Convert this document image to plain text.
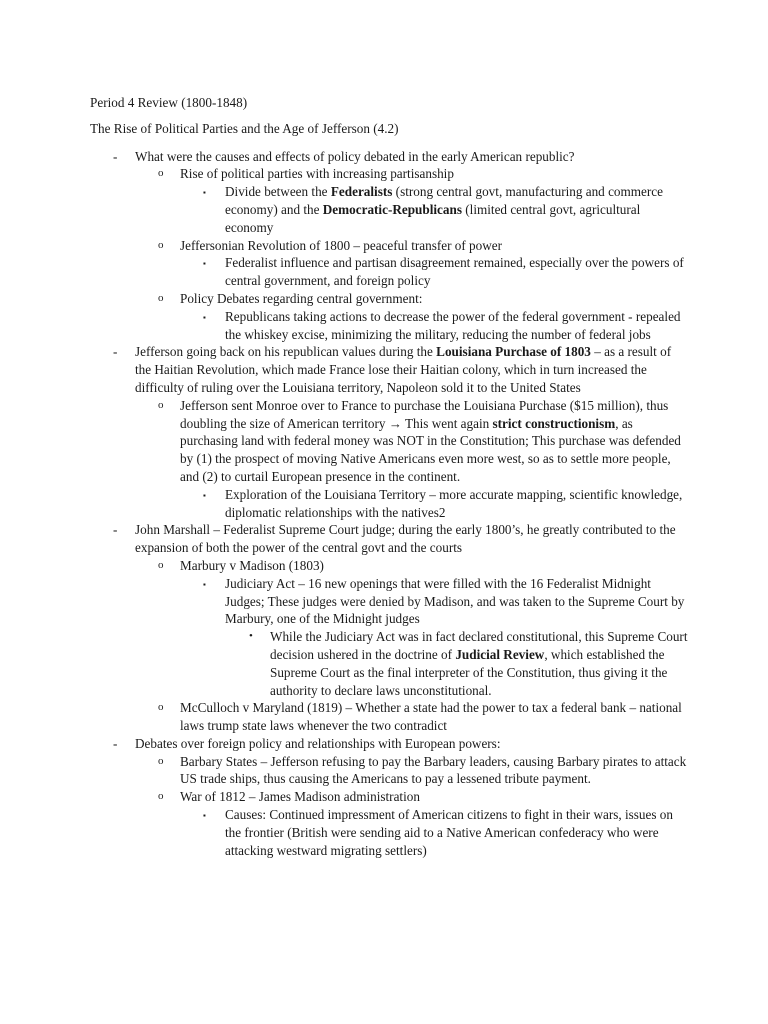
Period 4 Review (1800-1848)
The Rise of Political Parties and the Age of Jefferson (4.2)
- What were the causes and effects of policy debated in the early American republic?
o Rise of political parties with increasing partisanship
▪ Divide between the Federalists (strong central govt, manufacturing and commerce economy) and the Democratic-Republicans (limited central govt, agricultural economy
o Jeffersonian Revolution of 1800 – peaceful transfer of power
▪ Federalist influence and partisan disagreement remained, especially over the powers of central government, and foreign policy
o Policy Debates regarding central government:
▪ Republicans taking actions to decrease the power of the federal government - repealed the whiskey excise, minimizing the military, reducing the number of federal jobs
- Jefferson going back on his republican values during the Louisiana Purchase of 1803 – as a result of the Haitian Revolution, which made France lose their Haitian colony, which in turn increased the difficulty of ruling over the Louisiana territory, Napoleon sold it to the United States
o Jefferson sent Monroe over to France to purchase the Louisiana Purchase ($15 million), thus doubling the size of American territory → This went again strict constructionism, as purchasing land with federal money was NOT in the Constitution; This purchase was defended by (1) the prospect of moving Native Americans even more west, so as to settle more people, and (2) to curtail European presence in the continent.
▪ Exploration of the Louisiana Territory – more accurate mapping, scientific knowledge, diplomatic relationships with the natives2
- John Marshall – Federalist Supreme Court judge; during the early 1800’s, he greatly contributed to the expansion of both the power of the central govt and the courts
o Marbury v Madison (1803)
▪ Judiciary Act – 16 new openings that were filled with the 16 Federalist Midnight Judges; These judges were denied by Madison, and was taken to the Supreme Court by Marbury, one of the Midnight judges
• While the Judiciary Act was in fact declared constitutional, this Supreme Court decision ushered in the doctrine of Judicial Review, which established the Supreme Court as the final interpreter of the Constitution, thus giving it the authority to declare laws unconstitutional.
o McCulloch v Maryland (1819) – Whether a state had the power to tax a federal bank – national laws trump state laws whenever the two contradict
- Debates over foreign policy and relationships with European powers:
o Barbary States – Jefferson refusing to pay the Barbary leaders, causing Barbary pirates to attack US trade ships, thus causing the Americans to pay a lessened tribute payment.
o War of 1812 – James Madison administration
▪ Causes: Continued impressment of American citizens to fight in their wars, issues on the frontier (British were sending aid to a Native American confederacy who were attacking westward migrating settlers)
